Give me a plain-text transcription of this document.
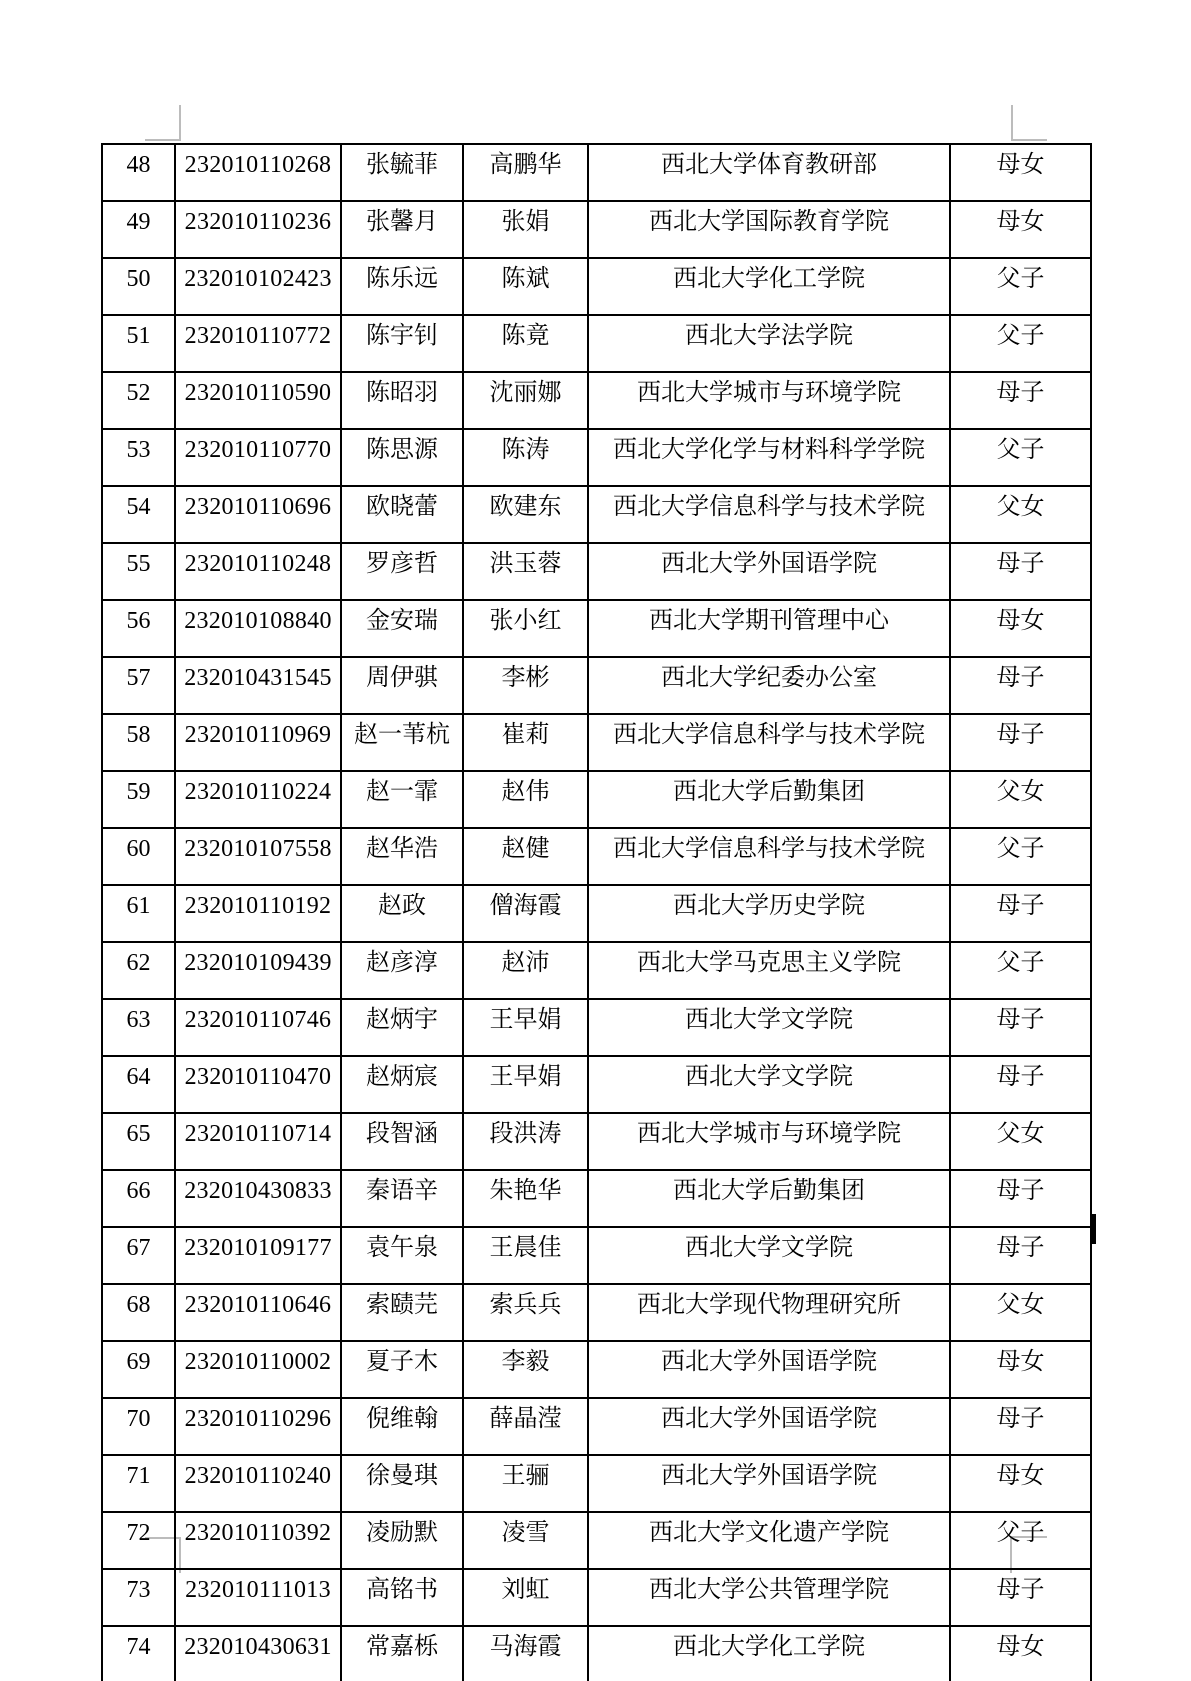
48	232010110268	张毓菲	高鹏华	西北大学体育教研部	母女
49	232010110236	张馨月	张娟	西北大学国际教育学院	母女
50	232010102423	陈乐远	陈斌	西北大学化工学院	父子
51	232010110772	陈宇钊	陈竟	西北大学法学院	父子
52	232010110590	陈昭羽	沈丽娜	西北大学城市与环境学院	母子
53	232010110770	陈思源	陈涛	西北大学化学与材料科学学院	父子
54	232010110696	欧晓蕾	欧建东	西北大学信息科学与技术学院	父女
55	232010110248	罗彦哲	洪玉蓉	西北大学外国语学院	母子
56	232010108840	金安瑞	张小红	西北大学期刊管理中心	母女
57	232010431545	周伊骐	李彬	西北大学纪委办公室	母子
58	232010110969	赵一苇杭	崔莉	西北大学信息科学与技术学院	母子
59	232010110224	赵一霏	赵伟	西北大学后勤集团	父女
60	232010107558	赵华浩	赵健	西北大学信息科学与技术学院	父子
61	232010110192	赵政	僧海霞	西北大学历史学院	母子
62	232010109439	赵彦淳	赵沛	西北大学马克思主义学院	父子
63	232010110746	赵炳宇	王早娟	西北大学文学院	母子
64	232010110470	赵炳宸	王早娟	西北大学文学院	母子
65	232010110714	段智涵	段洪涛	西北大学城市与环境学院	父女
66	232010430833	秦语辛	朱艳华	西北大学后勤集团	母子
67	232010109177	袁午泉	王晨佳	西北大学文学院	母子
68	232010110646	索赜芫	索兵兵	西北大学现代物理研究所	父女
69	232010110002	夏子木	李毅	西北大学外国语学院	母女
70	232010110296	倪维翰	薛晶滢	西北大学外国语学院	母子
71	232010110240	徐曼琪	王骊	西北大学外国语学院	母女
72	232010110392	凌励默	凌雪	西北大学文化遗产学院	父子
73	232010111013	高铭书	刘虹	西北大学公共管理学院	母子
74	232010430631	常嘉栎	马海霞	西北大学化工学院	母女
